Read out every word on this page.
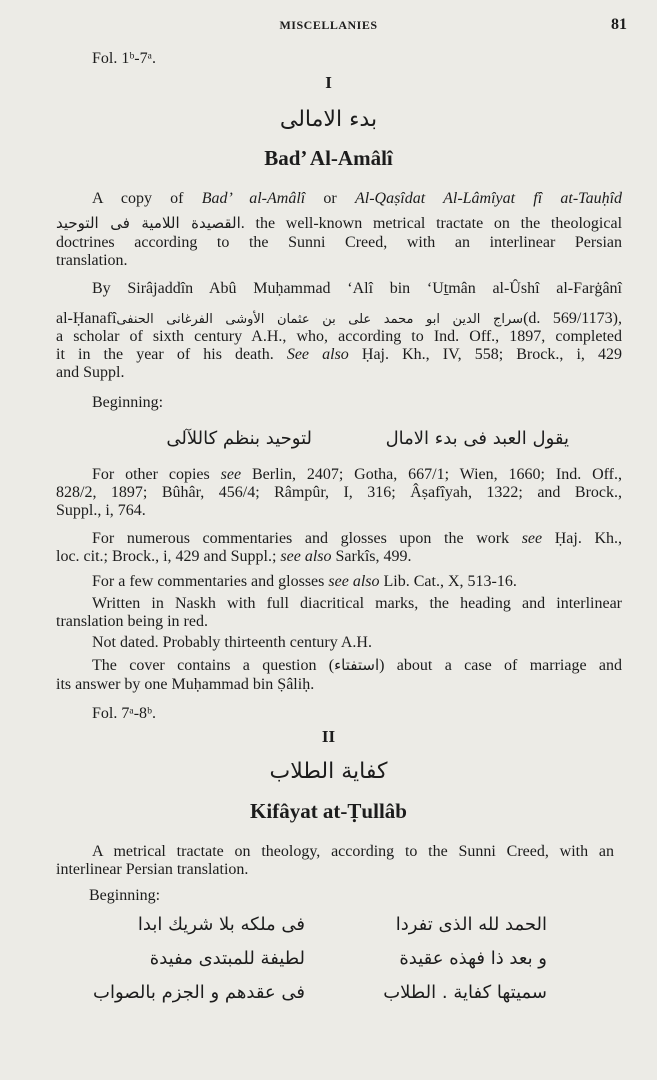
MISCELLANIES	81
Fol. 1ᵇ-7ᵃ.
I
بدء الامالى
Bad’ Al-Amâlî
A copy of Bad’ al-Amâlî or Al-Qaṣîdat Al-Lâmîyat fî at-Tauḥîd
القصيدة اللامية فى التوحيد. the well-known metrical tractate on the theological
doctrines according to the Sunni Creed, with an interlinear Persian
translation.
By Sirâjaddîn Abû Muḥammad ‘Alî bin ‘Uṯmân al-Ûshî al-Farġânî
al-Ḥanafîسراج الدين ابو محمد على بن عثمان الأوشى الفرغانى الحنفى(d. 569/1173),
a scholar of sixth century A.H., who, according to Ind. Off., 1897, completed
it in the year of his death. See also Ḥaj. Kh., IV, 558; Brock., i, 429
and Suppl.
Beginning:
يقول العبد فى بدء الامال
لتوحيد بنظم كاللآلى
For other copies see Berlin, 2407; Gotha, 667/1; Wien, 1660; Ind. Off.,
828/2, 1897; Bûhâr, 456/4; Râmpûr, I, 316; Âṣafîyah, 1322; and Brock.,
Suppl., i, 764.
For numerous commentaries and glosses upon the work see Ḥaj. Kh.,
loc. cit.; Brock., i, 429 and Suppl.; see also Sarkîs, 499.
For a few commentaries and glosses see also Lib. Cat., X, 513-16.
Written in Naskh with full diacritical marks, the heading and interlinear
translation being in red.
Not dated. Probably thirteenth century A.H.
The cover contains a question (استفتاء) about a case of marriage and
its answer by one Muḥammad bin Ṣâliḥ.
Fol. 7ᵃ-8ᵇ.
II
كفاية الطلاب
Kifâyat at-Ṭullâb
A metrical tractate on theology, according to the Sunni Creed, with an
interlinear Persian translation.
Beginning:
الحمد لله الذى تفردا
فى ملكه بلا شريك ابدا
و بعد ذا فهذه عقيدة
لطيفة للمبتدى مفيدة
سميتها كفاية . الطلاب
فى عقدهم و الجزم بالصواب
